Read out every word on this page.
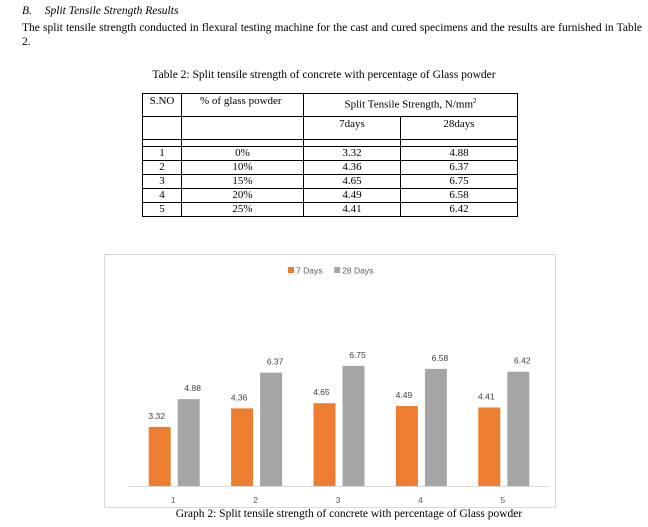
B. Split Tensile Strength Results
The split tensile strength conducted in flexural testing machine for the cast and cured specimens and the results are furnished in Table 2.
Table 2: Split tensile strength of concrete with percentage of Glass powder
S.NO	% of glass powder	Split Tensile Strength, $N/mm^2$
		7days	28days

1	0%	3.32	4.88
2	10%	4.36	6.37
3	15%	4.65	6.75
4	20%	4.49	6.58
5	25%	4.41	6.42
7 Days 28 Days
3.32
4.88
1
4.36
6.37
2
4.65
6.75
3
4.49
6.58
4
4.41
6.42
5
Graph 2: Split tensile strength of concrete with percentage of Glass powder
